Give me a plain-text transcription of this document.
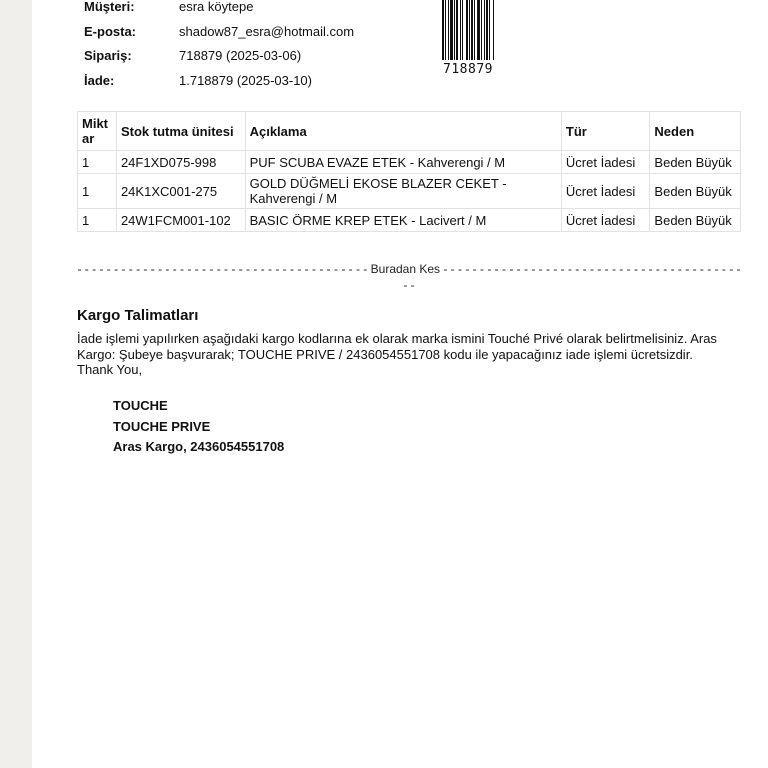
Müşteri:	esra köytepe
E-posta:	shadow87_esra@hotmail.com
Sipariş:	718879 (2025-03-06)
İade:	1.718879 (2025-03-10)
718879
Mikt ar	Stok tutma ünitesi	Açıklama	Tür	Neden
1	24F1XD075-998	PUF SCUBA EVAZE ETEK - Kahverengi / M	Ücret İadesi	Beden Büyük
1	24K1XC001-275	GOLD DÜĞMELİ EKOSE BLAZER CEKET - Kahverengi / M	Ücret İadesi	Beden Büyük
1	24W1FCM001-102	BASIC ÖRME KREP ETEK - Lacivert / M	Ücret İadesi	Beden Büyük
- - - - - - - - - - - - - - - - - - - - - - - - - - - - - - - - - - - - - - - - Buradan Kes - - - - - - - - - - - - - - - - - - - - - - - - - - - - - - - - - - - - - - - - - - -
Kargo Talimatları
İade işlemi yapılırken aşağıdaki kargo kodlarına ek olarak marka ismini Touché Privé olarak belirtmelisiniz. Aras Kargo: Şubeye başvurarak; TOUCHE PRIVE / 2436054551708 kodu ile yapacağınız iade işlemi ücretsizdir. Thank You,
TOUCHE
TOUCHE PRIVE
Aras Kargo, 2436054551708
